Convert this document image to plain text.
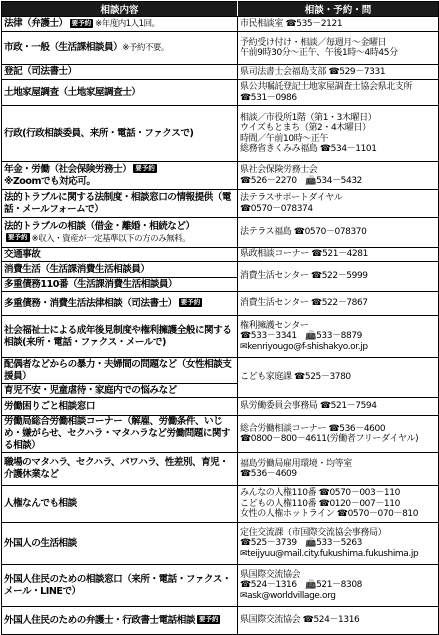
相談内容	相談・予約・問
法律（弁護士） 要予約 ※年度内1人1回。	市民相談室 ☎535－2121

市政・一般（生活課相談員）※予約不要。	予約受け付け・相談／毎週月～金曜日
午前9時30分～正午、午後1時～4時45分

登記（司法書士）	県司法書士会福島支部 ☎529－7331

土地家屋調査（土地家屋調査士）	県公共嘱託登記土地家屋調査士協会県北支所
☎531－0986

行政(行政相談委員、来所・電話・ファクスで)	相談／市役所1階（第1・3木曜日）
ウイズもとまち（第2・4木曜日）
時間／午前10時～正午
総務省きくみみ福島 ☎534－1101

年金・労働（社会保険労務士） 要予約
※Zoomでも対応可。	県社会保険労務士会
☎526－2270　📠534－5432

法的トラブルに関する法制度・相談窓口の情報提供（電話・メールフォームで）	法テラスサポートダイヤル
☎0570－078374

法的トラブルの相談（借金・離婚・相続など）
要予約 ※収入・資産が一定基準以下の方のみ無料。	法テラス福島 ☎0570－078370

交通事故	県政相談コーナー ☎521－4281

消費生活（生活課消費生活相談員）	消費生活センター ☎522－5999

多重債務110番（生活課消費生活相談員）	
多重債務・消費生活法律相談（司法書士） 要予約	消費生活センター ☎522－7867

社会福祉士による成年後見制度や権利擁護全般に関する相談(来所・電話・ファクス・メールで)	権利擁護センター
☎533－3341　📠533－8879
✉kenriyougo@f-shishakyo.or.jp

配偶者などからの暴力・夫婦間の問題など（女性相談支援員）	こども家庭課 ☎525－3780

育児不安・児童虐待・家庭内での悩みなど	
労働困りごと相談窓口	県労働委員会事務局 ☎521－7594

労働局総合労働相談コーナー（解雇、労働条件、いじめ・嫌がらせ、セクハラ・マタハラなど労働問題に関する相談）	総合労働相談コーナー ☎536－4600
☎0800－800－4611(労働者フリーダイヤル)

職場のマタハラ、セクハラ、パワハラ、性差別、育児・介護休業など	福島労働局雇用環境・均等室
☎536－4609

人権なんでも相談	みんなの人権110番 ☎0570－003－110
こどもの人権110番 ☎0120－007－110
女性の人権ホットライン ☎0570－070－810

外国人の生活相談	定住交流課（市国際交流協会事務局）
☎525－3739　📠533－5263
✉teijyuu@mail.city.fukushima.fukushima.jp

外国人住民のための相談窓口（来所・電話・ファクス・メール・LINEで）	県国際交流協会
☎524－1316　📠521－8308
✉ask@worldvillage.org

外国人住民のための弁護士・行政書士電話相談 要予約	県国際交流協会 ☎524－1316
